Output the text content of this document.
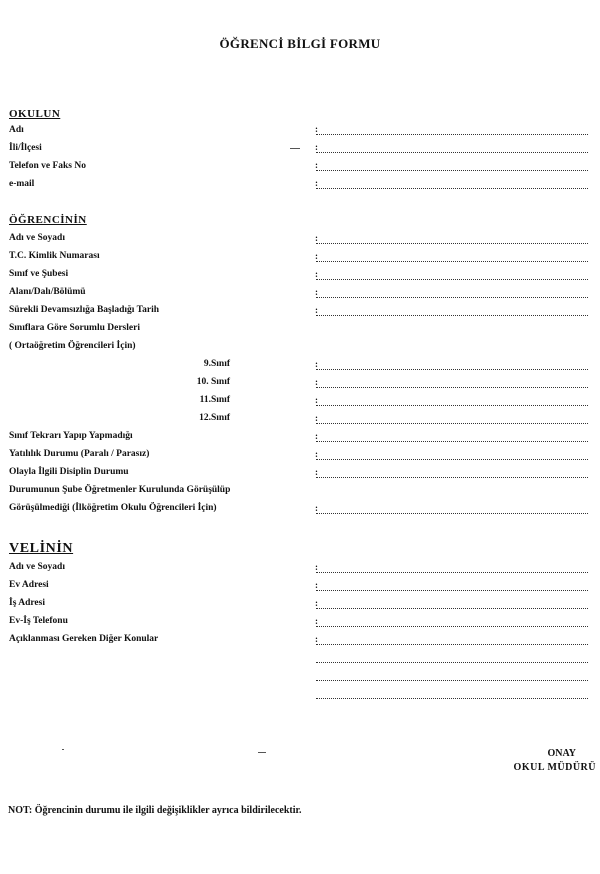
ÖĞRENCİ BİLGİ FORMU
OKULUN
Adı	:
İli/İlçesi	:
Telefon ve Faks No	:
e-mail	:
ÖĞRENCİNİN
Adı ve Soyadı	:
T.C. Kimlik Numarası	:
Sınıf ve Şubesi	:
Alanı/Dalı/Bölümü	:
Sürekli Devamsızlığa Başladığı Tarih	:
Sınıflara Göre Sorumlu Dersleri
( Ortaöğretim Öğrencileri İçin)
9.Sınıf	:
10. Sınıf	:
11.Sınıf	:
12.Sınıf	:
Sınıf Tekrarı Yapıp Yapmadığı	:
Yatılılık Durumu (Paralı / Parasız)	:
Olayla İlgili Disiplin Durumu	:
Durumunun Şube Öğretmenler Kurulunda Görüşülüp
Görüşülmediği (İlköğretim Okulu Öğrencileri İçin)	:
VELİNİN
Adı ve Soyadı	:
Ev Adresi	:
İş Adresi	:
Ev-İş Telefonu	:
Açıklanması Gereken Diğer Konular	:
ONAY
OKUL MÜDÜRÜ
NOT: Öğrencinin durumu ile ilgili değişiklikler ayrıca bildirilecektir.
